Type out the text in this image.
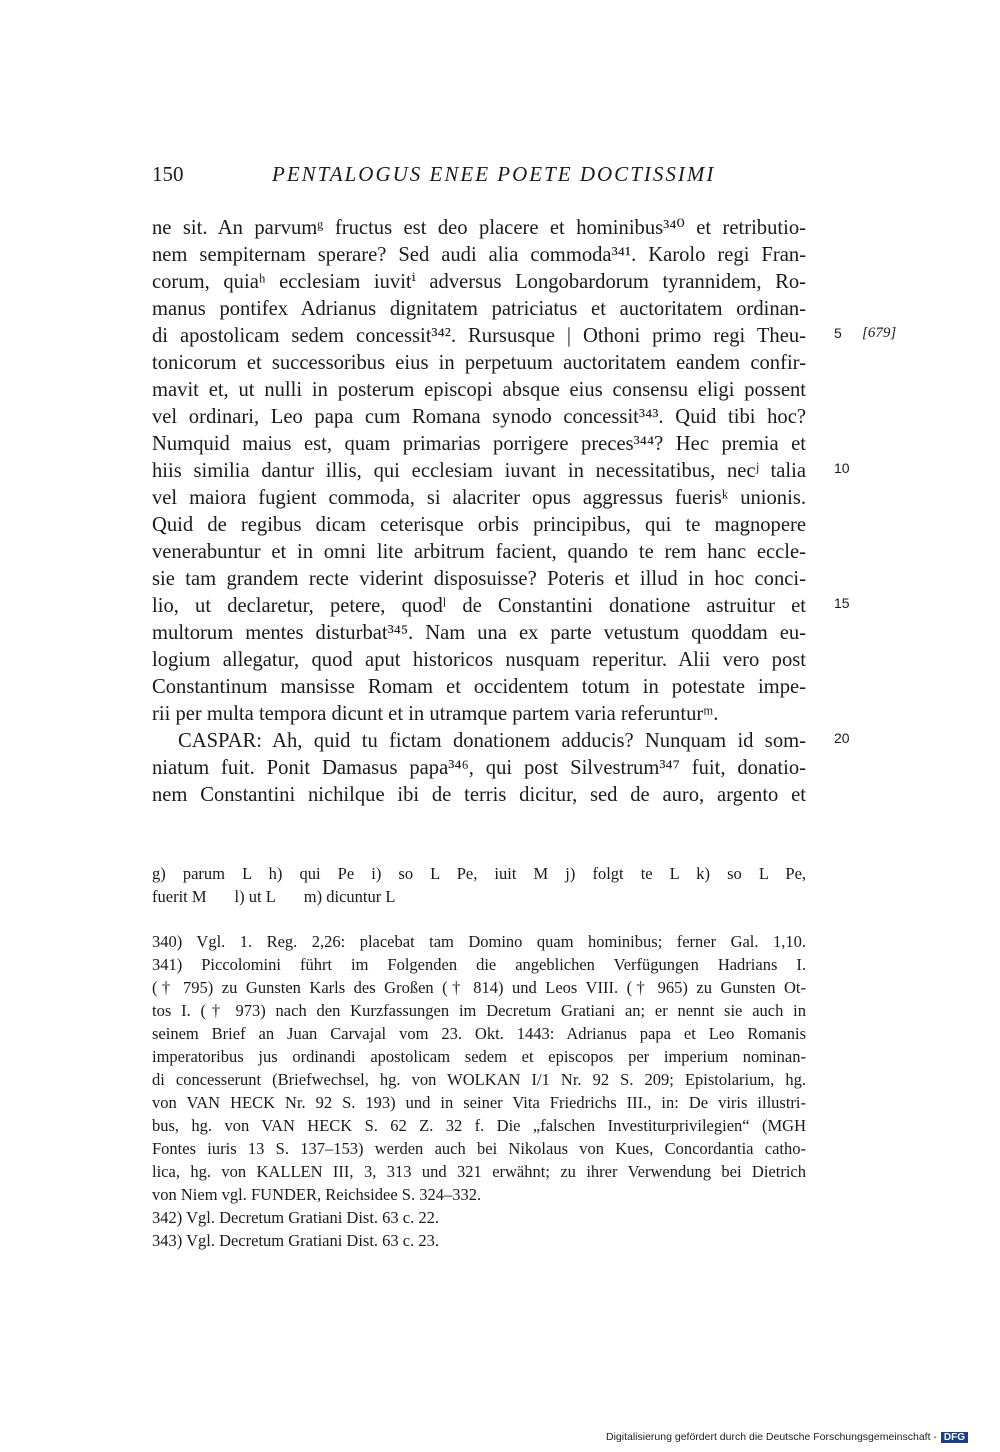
150	PENTALOGUS ENEE POETE DOCTISSIMI
ne sit. An parvumᵍ fructus est deo placere et hominibus³⁴⁰ et retributio-
nem sempiternam sperare? Sed audi alia commoda³⁴¹. Karolo regi Fran-
corum, quiaʰ ecclesiam iuvitⁱ adversus Longobardorum tyrannidem, Ro-
manus pontifex Adrianus dignitatem patriciatus et auctoritatem ordinan-
di apostolicam sedem concessit³⁴². Rursusque | Othoni primo regi Theu-
tonicorum et successoribus eius in perpetuum auctoritatem eandem confir-
mavit et, ut nulli in posterum episcopi absque eius consensu eligi possent
vel ordinari, Leo papa cum Romana synodo concessit³⁴³. Quid tibi hoc?
Numquid maius est, quam primarias porrigere preces³⁴⁴? Hec premia et
hiis similia dantur illis, qui ecclesiam iuvant in necessitatibus, necʲ talia
vel maiora fugient commoda, si alacriter opus aggressus fuerisᵏ unionis.
Quid de regibus dicam ceterisque orbis principibus, qui te magnopere
venerabuntur et in omni lite arbitrum facient, quando te rem hanc eccle-
sie tam grandem recte viderint disposuisse? Poteris et illud in hoc conci-
lio, ut declaretur, petere, quodˡ de Constantini donatione astruitur et
multorum mentes disturbat³⁴⁵. Nam una ex parte vetustum quoddam eu-
logium allegatur, quod aput historicos nusquam reperitur. Alii vero post
Constantinum mansisse Romam et occidentem totum in potestate impe-
rii per multa tempora dicunt et in utramque partem varia referunturᵐ.
CASPAR: Ah, quid tu fictam donationem adducis? Nunquam id som-
niatum fuit. Ponit Damasus papa³⁴⁶, qui post Silvestrum³⁴⁷ fuit, donatio-
nem Constantini nichilque ibi de terris dicitur, sed de auro, argento et
5 [679]
10
15
20
g) parum L h) qui Pe i) so L Pe, iuit M j) folgt te L k) so L Pe,
fuerit M l) ut L m) dicuntur L
340) Vgl. 1. Reg. 2,26: placebat tam Domino quam hominibus; ferner Gal. 1,10.
341) Piccolomini führt im Folgenden die angeblichen Verfügungen Hadrians I.
(† 795) zu Gunsten Karls des Großen († 814) und Leos VIII. († 965) zu Gunsten Ot-
tos I. († 973) nach den Kurzfassungen im Decretum Gratiani an; er nennt sie auch in
seinem Brief an Juan Carvajal vom 23. Okt. 1443: Adrianus papa et Leo Romanis
imperatoribus jus ordinandi apostolicam sedem et episcopos per imperium nominan-
di concesserunt (Briefwechsel, hg. von WOLKAN I/1 Nr. 92 S. 209; Epistolarium, hg.
von VAN HECK Nr. 92 S. 193) und in seiner Vita Friedrichs III., in: De viris illustri-
bus, hg. von VAN HECK S. 62 Z. 32 f. Die „falschen Investiturprivilegien“ (MGH
Fontes iuris 13 S. 137–153) werden auch bei Nikolaus von Kues, Concordantia catho-
lica, hg. von KALLEN III, 3, 313 und 321 erwähnt; zu ihrer Verwendung bei Dietrich
von Niem vgl. FUNDER, Reichsidee S. 324–332.
342) Vgl. Decretum Gratiani Dist. 63 c. 22.
343) Vgl. Decretum Gratiani Dist. 63 c. 23.
Digitalisierung gefördert durch die Deutsche Forschungsgemeinschaft - DFG
